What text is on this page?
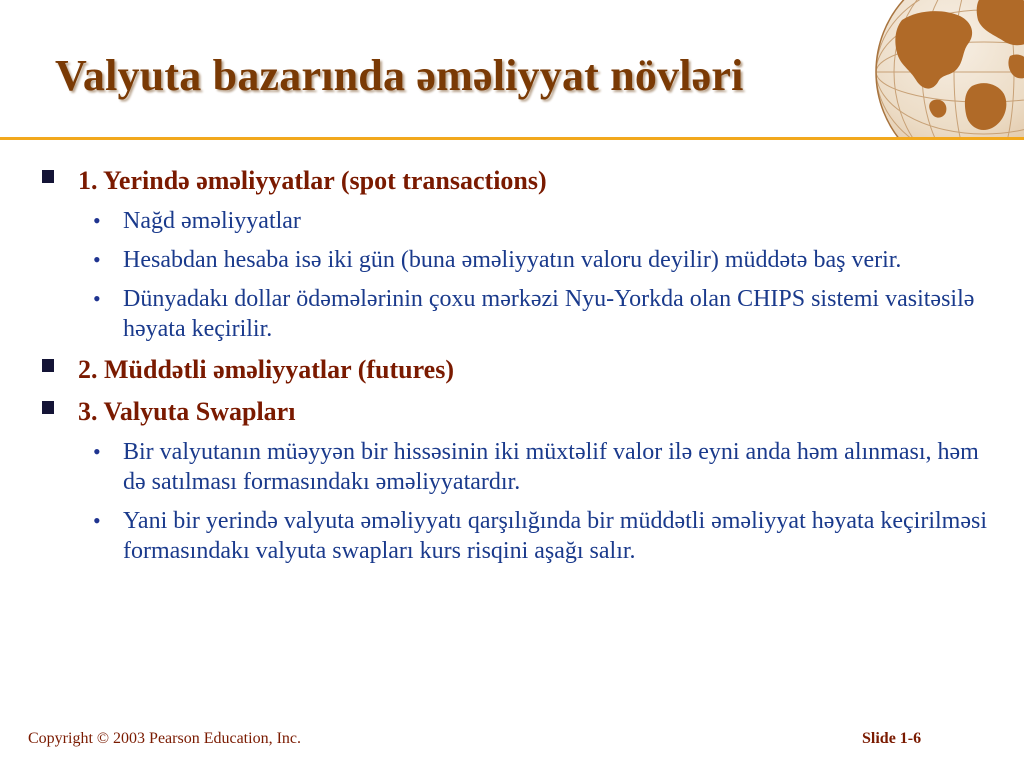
Valyuta bazarında əməliyyat növləri
1. Yerində əməliyyatlar (spot transactions)
• Nağd əməliyyatlar
• Hesabdan hesaba isə iki gün (buna əməliyyatın valoru deyilir) müddətə baş verir.
• Dünyadakı dollar ödəmələrinin çoxu mərkəzi Nyu-Yorkda olan CHIPS sistemi vasitəsilə həyata keçirilir.
2. Müddətli əməliyyatlar (futures)
3. Valyuta Swapları
• Bir valyutanın müəyyən bir hissəsinin iki müxtəlif valor ilə eyni anda həm alınması, həm də satılması formasındakı əməliyyatardır.
• Yani bir yerində valyuta əməliyyatı qarşılığında bir müddətli əməliyyat həyata keçirilməsi formasındakı valyuta swapları kurs risqini aşağı salır.
Copyright © 2003 Pearson Education, Inc.	Slide 1-6
